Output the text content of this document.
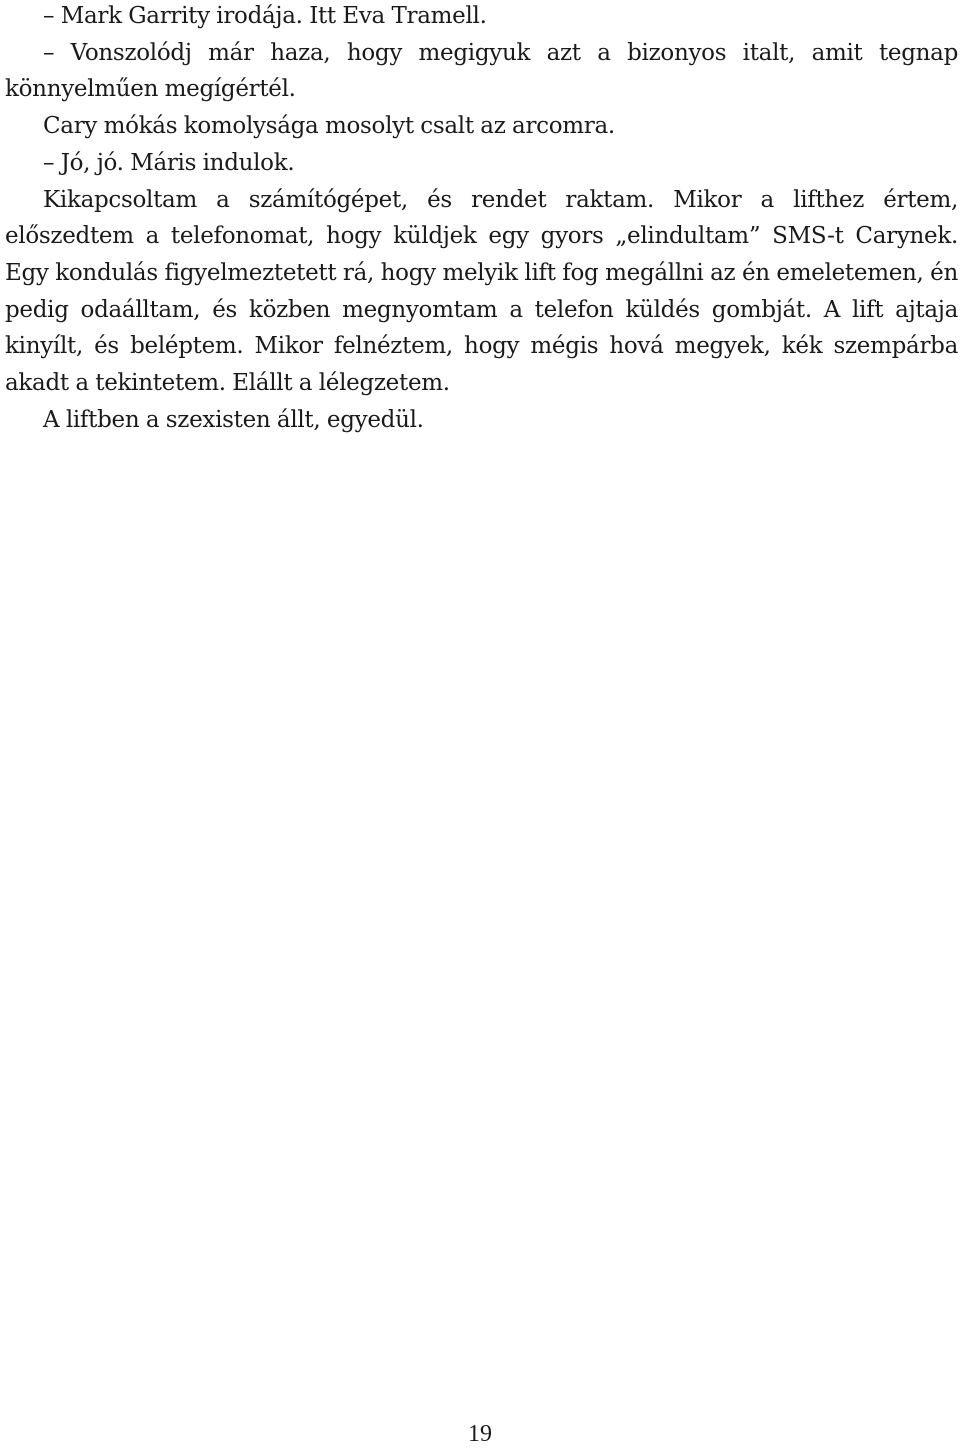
– Mark Garrity irodája. Itt Eva Tramell.

– Vonszolódj már haza, hogy megigyuk azt a bizonyos italt, amit tegnap könnyelműen megígértél.

Cary mókás komolysága mosolyt csalt az arcomra.

– Jó, jó. Máris indulok.

Kikapcsoltam a számítógépet, és rendet raktam. Mikor a lifthez értem, előszedtem a telefonomat, hogy küldjek egy gyors „elindultam” SMS-t Carynek. Egy kondulás figyelmeztetett rá, hogy melyik lift fog megállni az én emeletemen, én pedig odaálltam, és közben megnyomtam a telefon küldés gombját. A lift ajtaja kinyílt, és beléptem. Mikor felnéztem, hogy mégis hová megyek, kék szempárba akadt a tekintetem. Elállt a lélegzetem.

A liftben a szexisten állt, egyedül.

19
